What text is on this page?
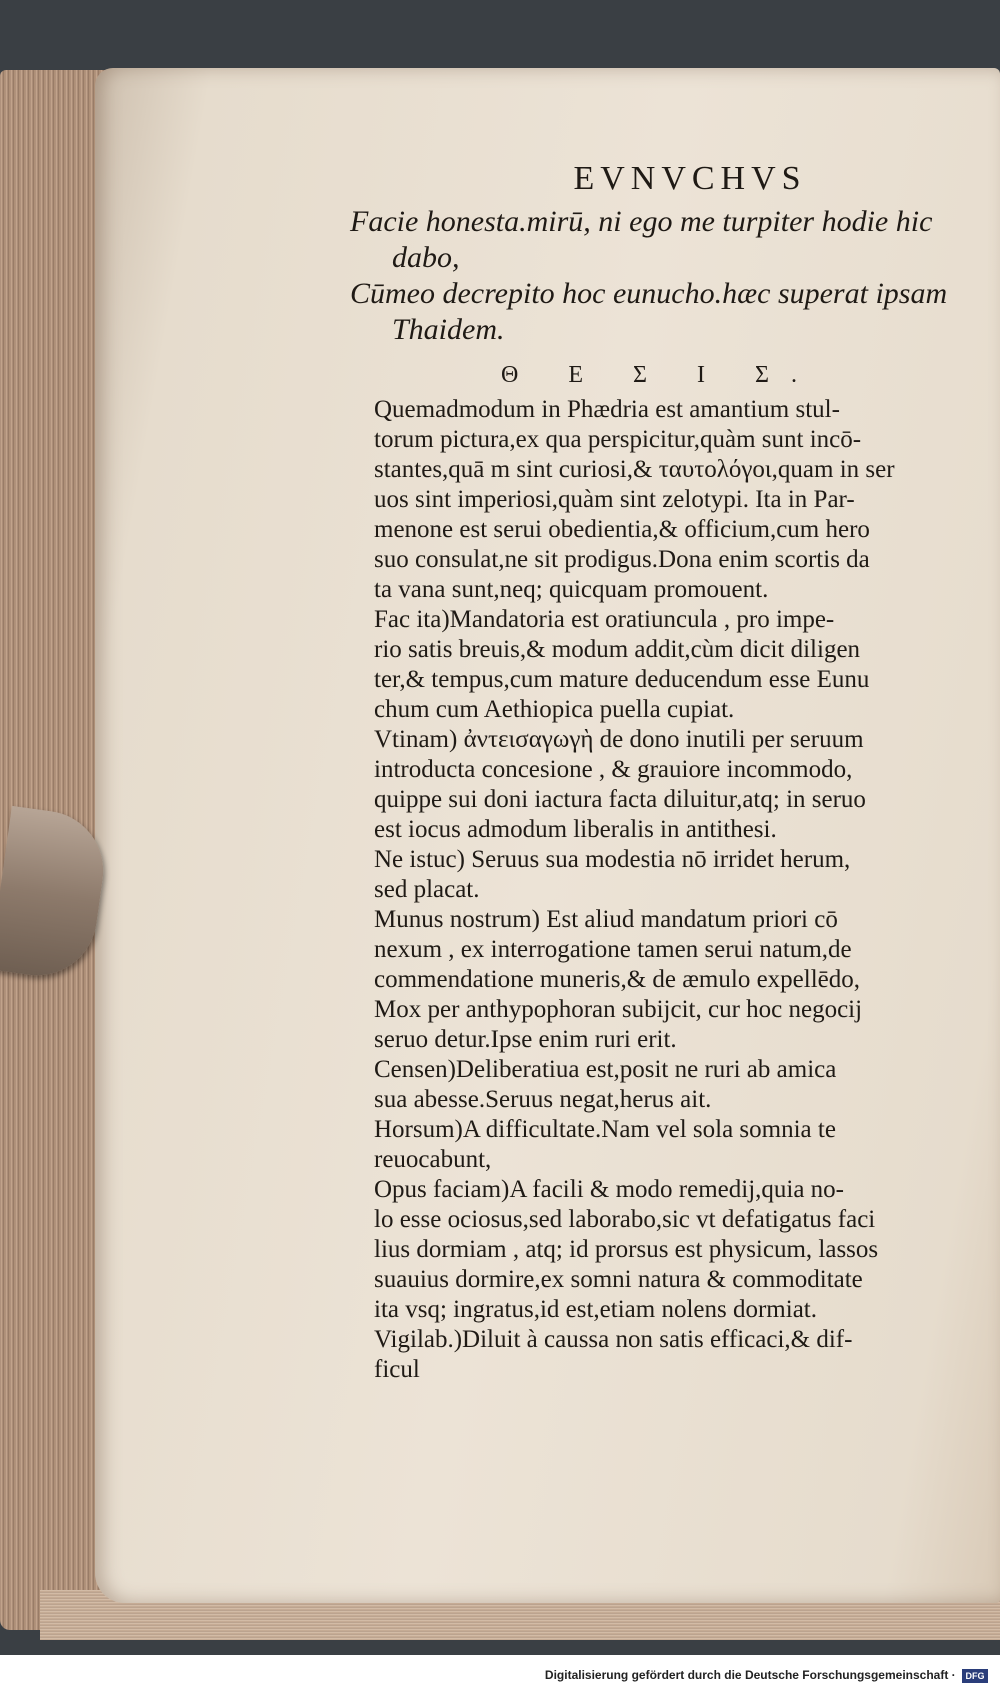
EVNVCHVS
Facie honesta.mirū, ni ego me turpiter hodie hic
dabo,
Cūmeo decrepito hoc eunucho.hæc superat ipsam
Thaidem.
Θ Ε Σ Ι Σ.

Quemadmodum in Phædria est amantium stul-
torum pictura,ex qua perspicitur,quàm sunt incō-
stantes,quā m sint curiosi,& ταυτολόγοι,quam in ser
uos sint imperiosi,quàm sint zelotypi. Ita in Par-
menone est serui obedientia,& officium,cum hero
suo consulat,ne sit prodigus.Dona enim scortis da
ta vana sunt,neq; quicquam promouent.

Fac ita)Mandatoria est oratiuncula , pro impe-
rio satis breuis,& modum addit,cùm dicit diligen
ter,& tempus,cum mature deducendum esse Eunu
chum cum Aethiopica puella cupiat.

Vtinam) ἀντεισαγωγὴ de dono inutili per seruum
introducta concesione , & grauiore incommodo,
quippe sui doni iactura facta diluitur,atq; in seruo
est iocus admodum liberalis in antithesi.

Ne istuc) Seruus sua modestia nō irridet herum,
sed placat.

Munus nostrum) Est aliud mandatum priori cō
nexum , ex interrogatione tamen serui natum,de
commendatione muneris,& de æmulo expellēdo,
Mox per anthypophoran subijcit, cur hoc negocij
seruo detur.Ipse enim ruri erit.

Censen)Deliberatiua est,posit ne ruri ab amica
sua abesse.Seruus negat,herus ait.

Horsum)A difficultate.Nam vel sola somnia te
reuocabunt,

Opus faciam)A facili & modo remedij,quia no-
lo esse ociosus,sed laborabo,sic vt defatigatus faci
lius dormiam , atq; id prorsus est physicum, lassos
suauius dormire,ex somni natura & commoditate
ita vsq; ingratus,id est,etiam nolens dormiat.

Vigilab.)Diluit à caussa non satis efficaci,& dif-
ficul

Digitalisierung gefördert durch die Deutsche Forschungsgemeinschaft · DFG
